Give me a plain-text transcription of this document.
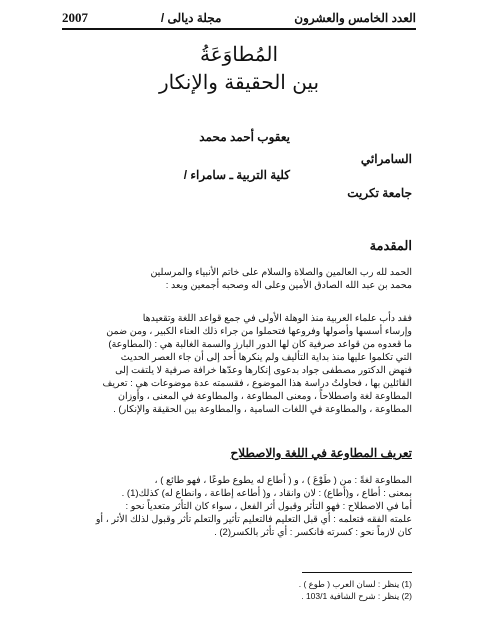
العدد الخامس والعشرون
مجلة ديالى /
2007
المُطاوَعَةُ
بين الحقيقة والإنكار
يعقوب أحمد محمد
السامرائي
كلية التربية ـ سامراء /
جامعة تكريت
المقدمة

الحمد لله رب العالمين والصلاة والسلام على خاتم الأنبياء والمرسلين

محمد بن عبد الله الصادق الأمين وعلى اله وصحبه أجمعين وبعد :

فقد دأب علماء العربية منذ الوهلة الأولى في جمع قواعد اللغة وتقعيدها

وإرساء أسسها وأصولها وفروعها فتحملوا من جراء ذلك العناء الكبير ، ومن ضمن

ما قعدوه من قواعد صرفية كان لها الدور البارز والسمة الغالبة هي : (المطاوعة)

التي تكلموا عليها منذ بداية التأليف ولم ينكرها أحد إلى أن جاء العصر الحديث

فنهض الدكتور مصطفى جواد بدعوى إنكارها وعدّها خرافة صرفية لا يلتفت إلى

القائلين بها ، فحاولتُ دراسة هذا الموضوع ، فقسمته عدة موضوعات هي : تعريف

المطاوعة لغة واصطلاحاً ، ومعنى المطاوعة ، والمطاوعة في المعنى ، وأوزان

المطاوعة ، والمطاوعة في اللغات السامية ، والمطاوعة بين الحقيقة والإنكار) .

تعريف المطاوعة في اللغة والاصطلاح

المطاوعة لغةً : من ( طَوْعَ ) ، و ( أطاع له يطوع طوعًا ، فهو طائع ) ،

بمعنى : أطاع ، و(أطاع) : لان وانقاد ، و( أطاعه إطاعة ، وانطاع له) كذلك(1) .

أما في الاصطلاح : فهو التأثر وقبول أثر الفعل ، سواء كان التأثر متعدياً نحو :

علمته الفقه فتعلمه : أي قبل التعليم فالتعليم تأثير والتعلم تأثر وقبول لذلك الأثر ، أو

كان لازماً نحو : كسرته فانكسر : أي تأثر بالكسر(2) .

(1) ينظر : لسان العرب ( طوع ) .
(2) ينظر : شرح الشافية 103/1 .
